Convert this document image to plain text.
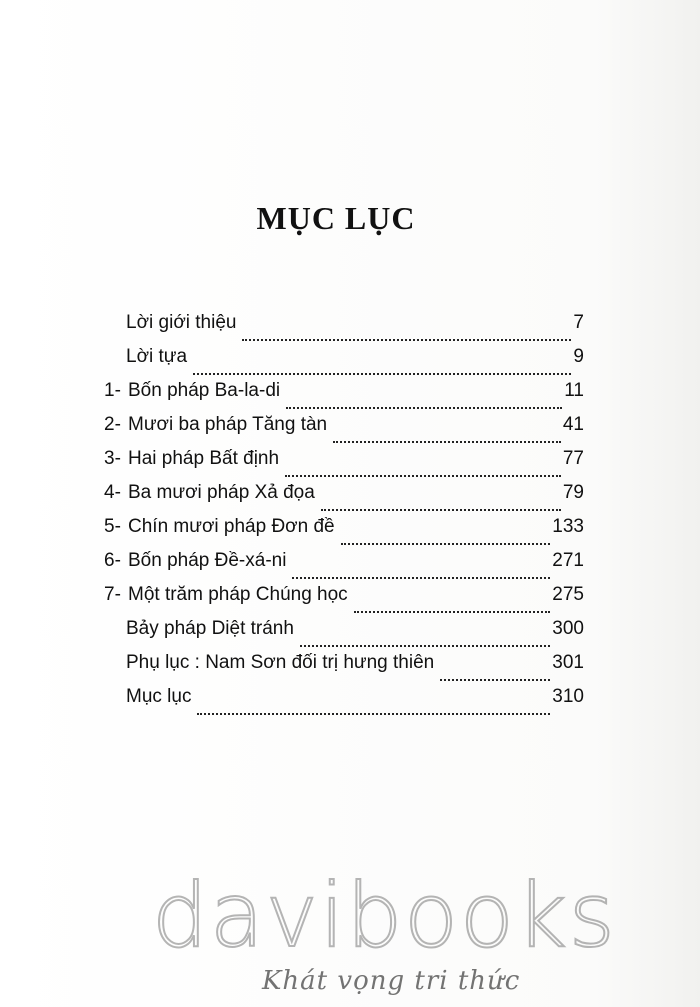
MỤC LỤC
Lời giới thiệu	7
Lời tựa	9
1- Bốn pháp Ba-la-di	11
2- Mươi ba pháp Tăng tàn	41
3- Hai pháp Bất định	77
4- Ba mươi pháp Xả đọa	79
5- Chín mươi pháp Đơn đề	133
6- Bốn pháp Đề-xá-ni	271
7- Một trăm pháp Chúng học	275
Bảy pháp Diệt tránh	300
Phụ lục : Nam Sơn đối trị hưng thiên	301
Mục lục	310
davibooks
Khát vọng tri thức
